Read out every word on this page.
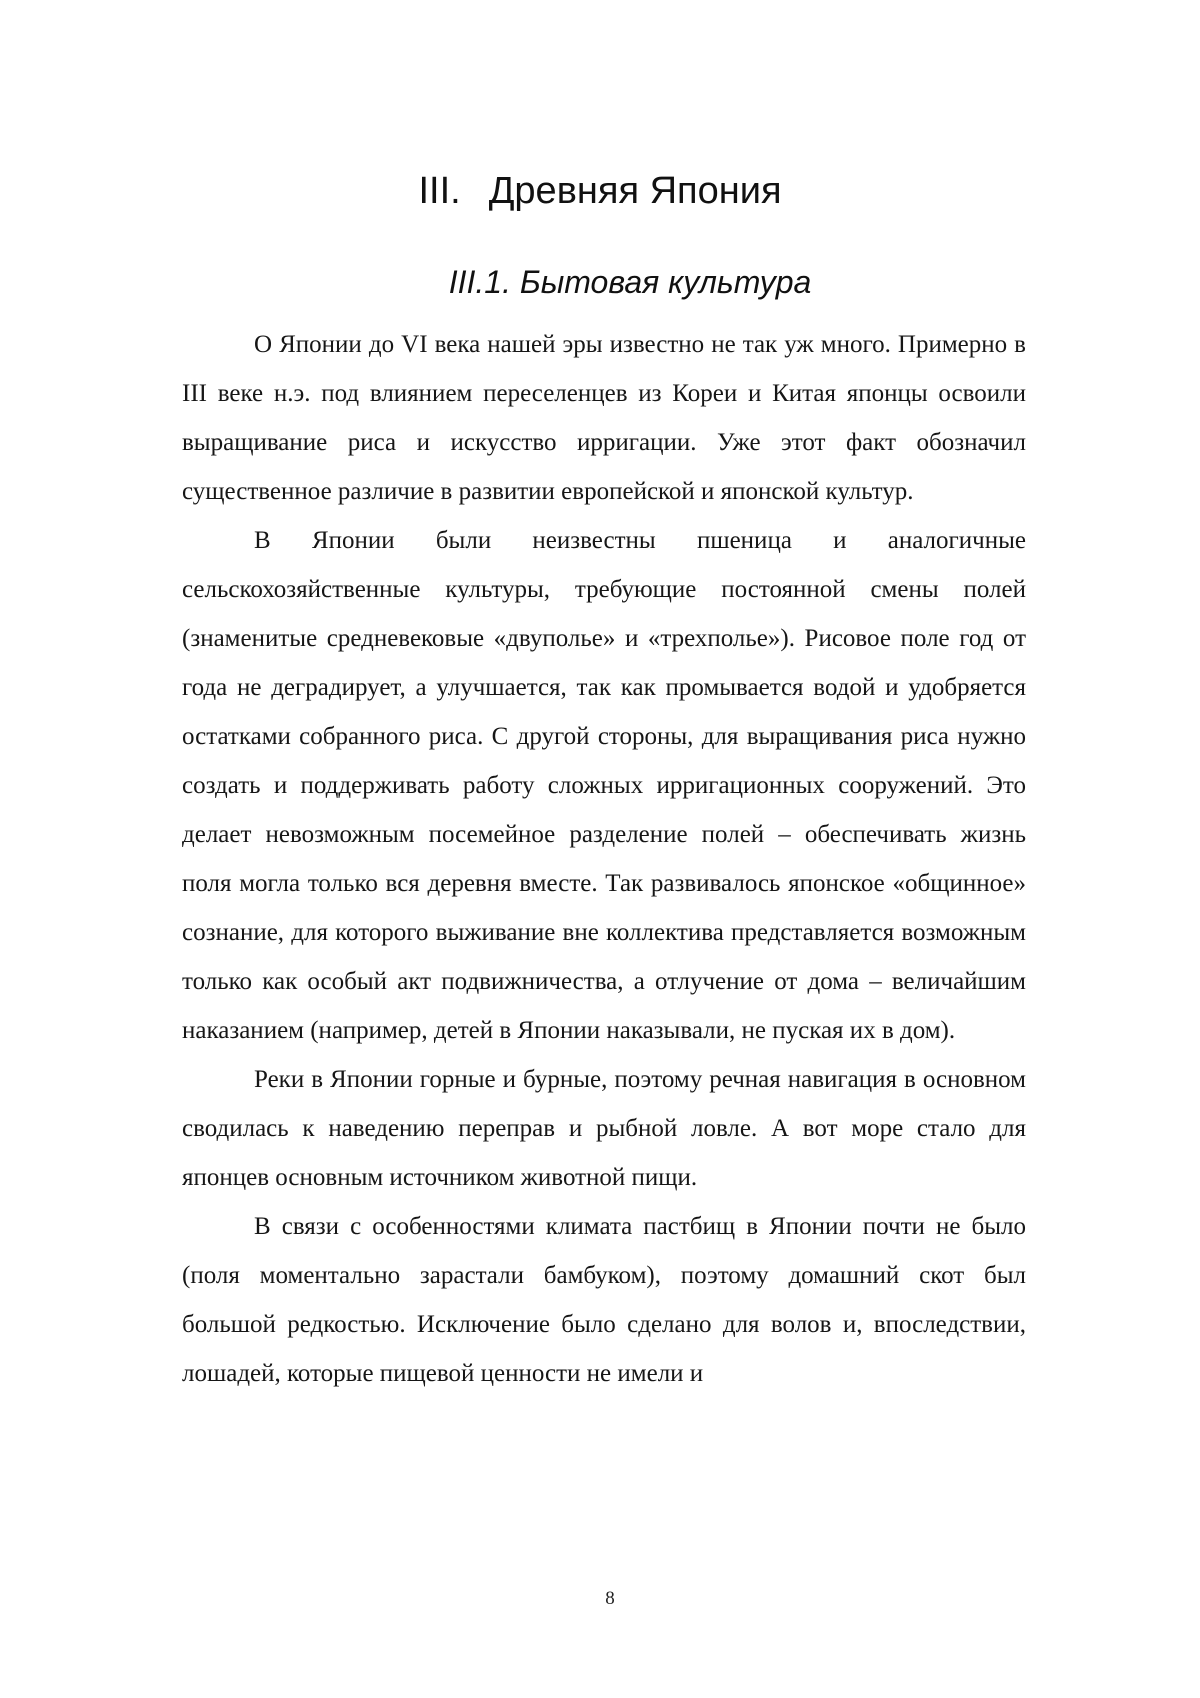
III. Древняя Япония
III.1. Бытовая культура

О Японии до VI века нашей эры известно не так уж много. Примерно в III веке н.э. под влиянием переселенцев из Кореи и Китая японцы освоили выращивание риса и искусство ирригации. Уже этот факт обозначил существенное различие в развитии европейской и японской культур.

В Японии были неизвестны пшеница и аналогичные сельскохозяйственные культуры, требующие постоянной смены полей (знаменитые средневековые «двуполье» и «трехполье»). Рисовое поле год от года не деградирует, а улучшается, так как промывается водой и удобряется остатками собранного риса. С другой стороны, для выращивания риса нужно создать и поддерживать работу сложных ирригационных сооружений. Это делает невозможным посемейное разделение полей – обеспечивать жизнь поля могла только вся деревня вместе. Так развивалось японское «общинное» сознание, для которого выживание вне коллектива представляется возможным только как особый акт подвижничества, а отлучение от дома – величайшим наказанием (например, детей в Японии наказывали, не пуская их в дом).

Реки в Японии горные и бурные, поэтому речная навигация в основном сводилась к наведению переправ и рыбной ловле. А вот море стало для японцев основным источником животной пищи.

В связи с особенностями климата пастбищ в Японии почти не было (поля моментально зарастали бамбуком), поэтому домашний скот был большой редкостью. Исключение было сделано для волов и, впоследствии, лошадей, которые пищевой ценности не имели и

8
